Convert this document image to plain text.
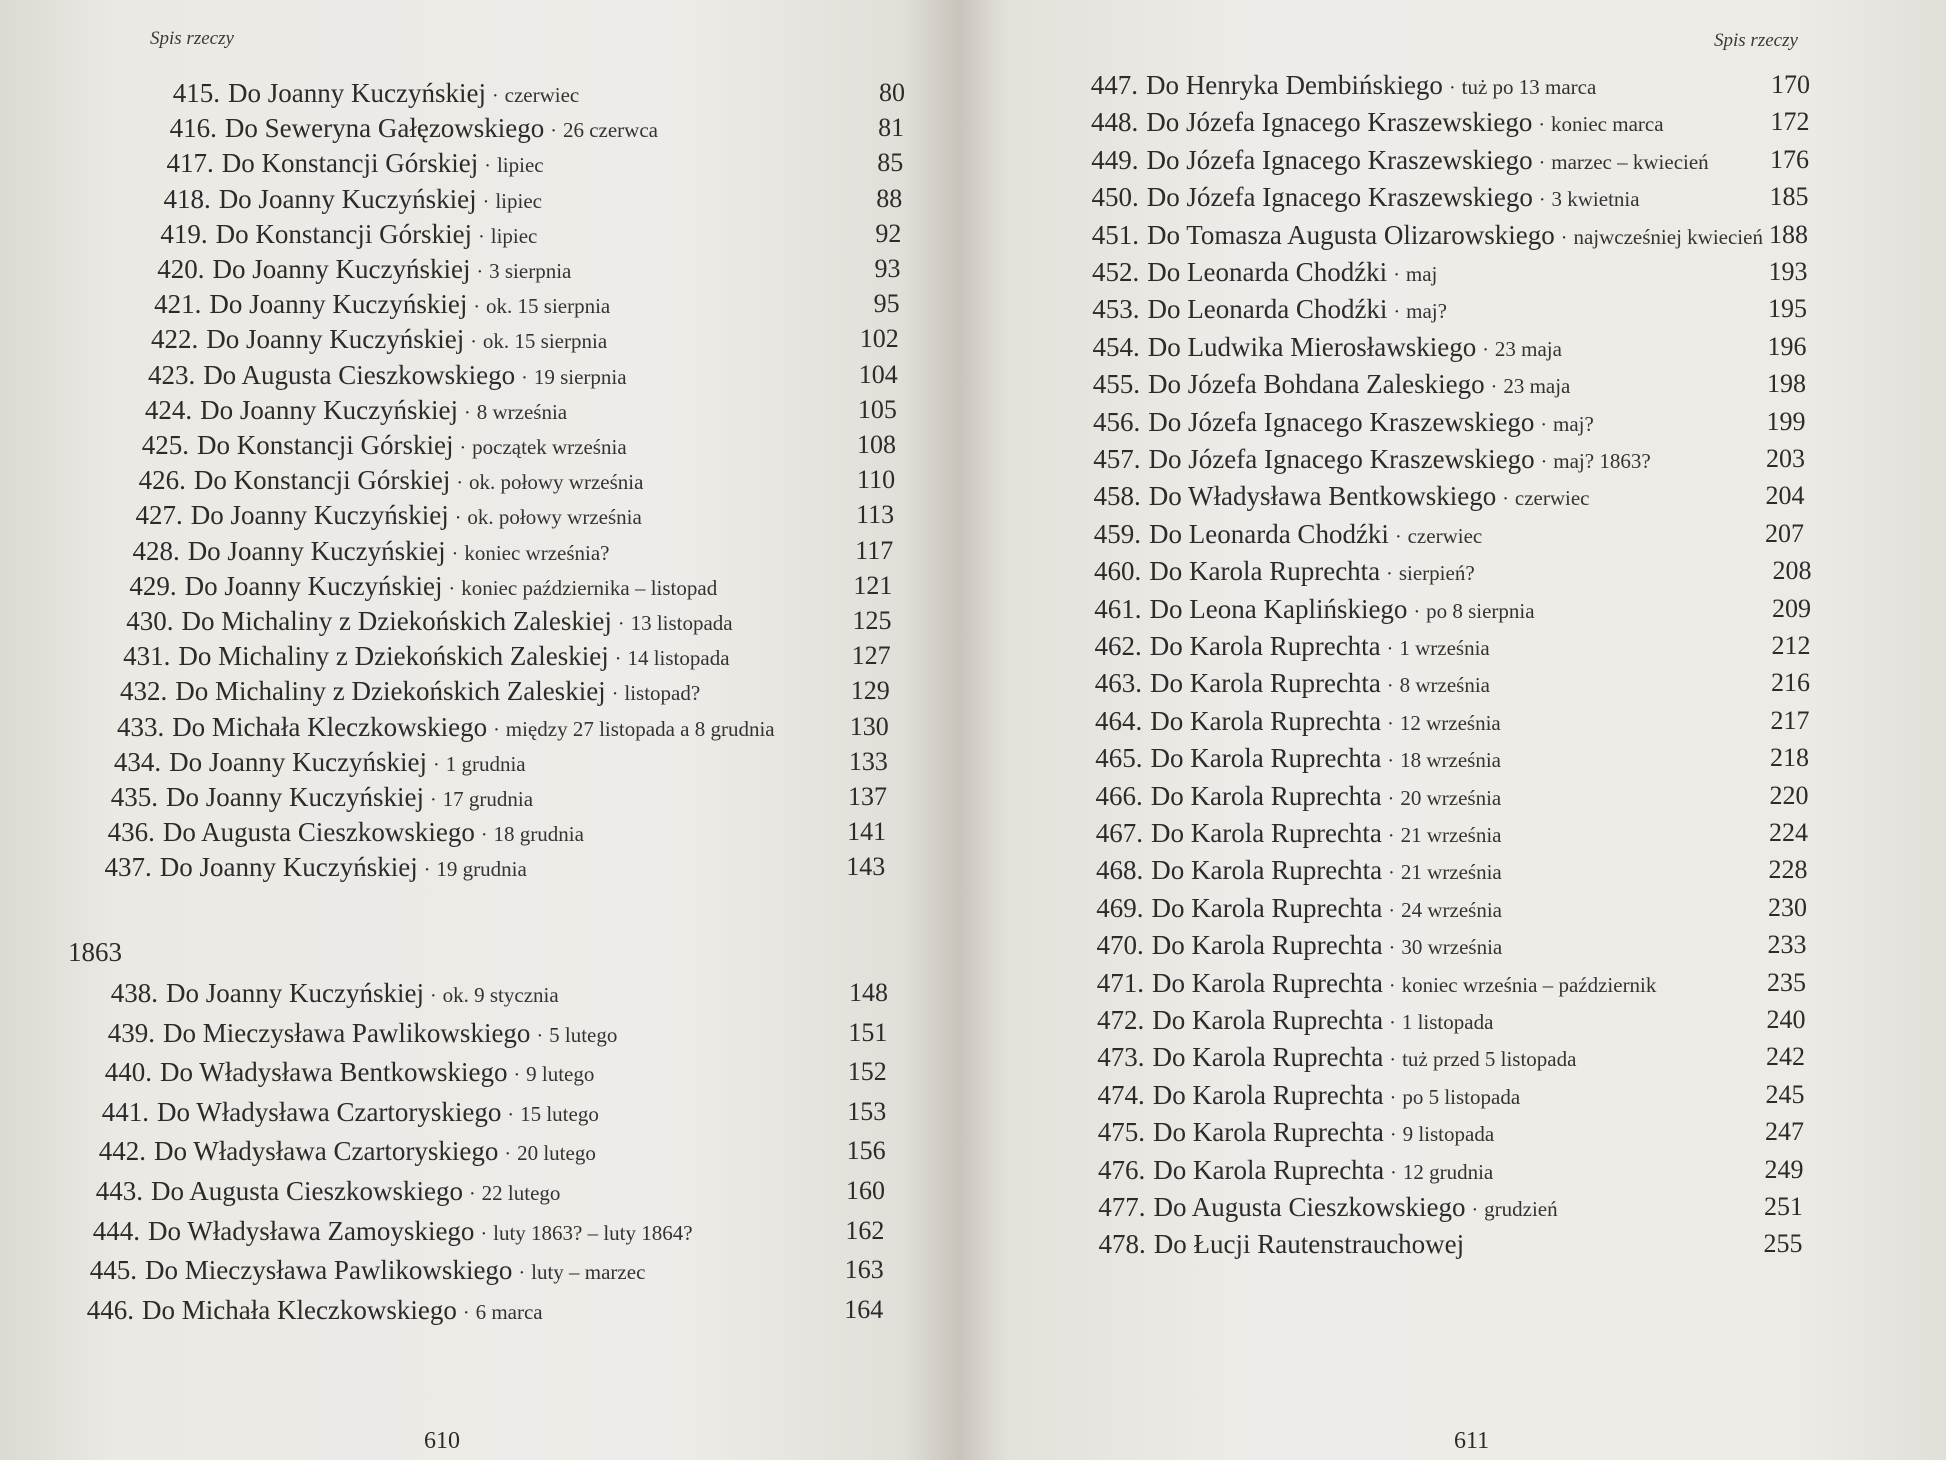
Spis rzeczy
415. Do Joanny Kuczyńskiej · czerwiec	80
416. Do Seweryna Gałęzowskiego · 26 czerwca	81
417. Do Konstancji Górskiej · lipiec	85
418. Do Joanny Kuczyńskiej · lipiec	88
419. Do Konstancji Górskiej · lipiec	92
420. Do Joanny Kuczyńskiej · 3 sierpnia	93
421. Do Joanny Kuczyńskiej · ok. 15 sierpnia	95
422. Do Joanny Kuczyńskiej · ok. 15 sierpnia	102
423. Do Augusta Cieszkowskiego · 19 sierpnia	104
424. Do Joanny Kuczyńskiej · 8 września	105
425. Do Konstancji Górskiej · początek września	108
426. Do Konstancji Górskiej · ok. połowy września	110
427. Do Joanny Kuczyńskiej · ok. połowy września	113
428. Do Joanny Kuczyńskiej · koniec września?	117
429. Do Joanny Kuczyńskiej · koniec października – listopad	121
430. Do Michaliny z Dziekońskich Zaleskiej · 13 listopada	125
431. Do Michaliny z Dziekońskich Zaleskiej · 14 listopada	127
432. Do Michaliny z Dziekońskich Zaleskiej · listopad?	129
433. Do Michała Kleczkowskiego · między 27 listopada a 8 grudnia	130
434. Do Joanny Kuczyńskiej · 1 grudnia	133
435. Do Joanny Kuczyńskiej · 17 grudnia	137
436. Do Augusta Cieszkowskiego · 18 grudnia	141
437. Do Joanny Kuczyńskiej · 19 grudnia	143
438. Do Joanny Kuczyńskiej · ok. 9 stycznia	148
439. Do Mieczysława Pawlikowskiego · 5 lutego	151
440. Do Władysława Bentkowskiego · 9 lutego	152
441. Do Władysława Czartoryskiego · 15 lutego	153
442. Do Władysława Czartoryskiego · 20 lutego	156
443. Do Augusta Cieszkowskiego · 22 lutego	160
444. Do Władysława Zamoyskiego · luty 1863? – luty 1864?	162
445. Do Mieczysława Pawlikowskiego · luty – marzec	163
446. Do Michała Kleczkowskiego · 6 marca	164
1863
610
Spis rzeczy
447. Do Henryka Dembińskiego · tuż po 13 marca	170
448. Do Józefa Ignacego Kraszewskiego · koniec marca	172
449. Do Józefa Ignacego Kraszewskiego · marzec – kwiecień	176
450. Do Józefa Ignacego Kraszewskiego · 3 kwietnia	185
451. Do Tomasza Augusta Olizarowskiego · najwcześniej kwiecień 188
452. Do Leonarda Chodźki · maj	193
453. Do Leonarda Chodźki · maj?	195
454. Do Ludwika Mierosławskiego · 23 maja	196
455. Do Józefa Bohdana Zaleskiego · 23 maja	198
456. Do Józefa Ignacego Kraszewskiego · maj?	199
457. Do Józefa Ignacego Kraszewskiego · maj? 1863?	203
458. Do Władysława Bentkowskiego · czerwiec	204
459. Do Leonarda Chodźki · czerwiec	207
460. Do Karola Ruprechta · sierpień?	208
461. Do Leona Kaplińskiego · po 8 sierpnia	209
462. Do Karola Ruprechta · 1 września	212
463. Do Karola Ruprechta · 8 września	216
464. Do Karola Ruprechta · 12 września	217
465. Do Karola Ruprechta · 18 września	218
466. Do Karola Ruprechta · 20 września	220
467. Do Karola Ruprechta · 21 września	224
468. Do Karola Ruprechta · 21 września	228
469. Do Karola Ruprechta · 24 września	230
470. Do Karola Ruprechta · 30 września	233
471. Do Karola Ruprechta · koniec września – październik	235
472. Do Karola Ruprechta · 1 listopada	240
473. Do Karola Ruprechta · tuż przed 5 listopada	242
474. Do Karola Ruprechta · po 5 listopada	245
475. Do Karola Ruprechta · 9 listopada	247
476. Do Karola Ruprechta · 12 grudnia	249
477. Do Augusta Cieszkowskiego · grudzień	251
478. Do Łucji Rautenstrauchowej	255
611
